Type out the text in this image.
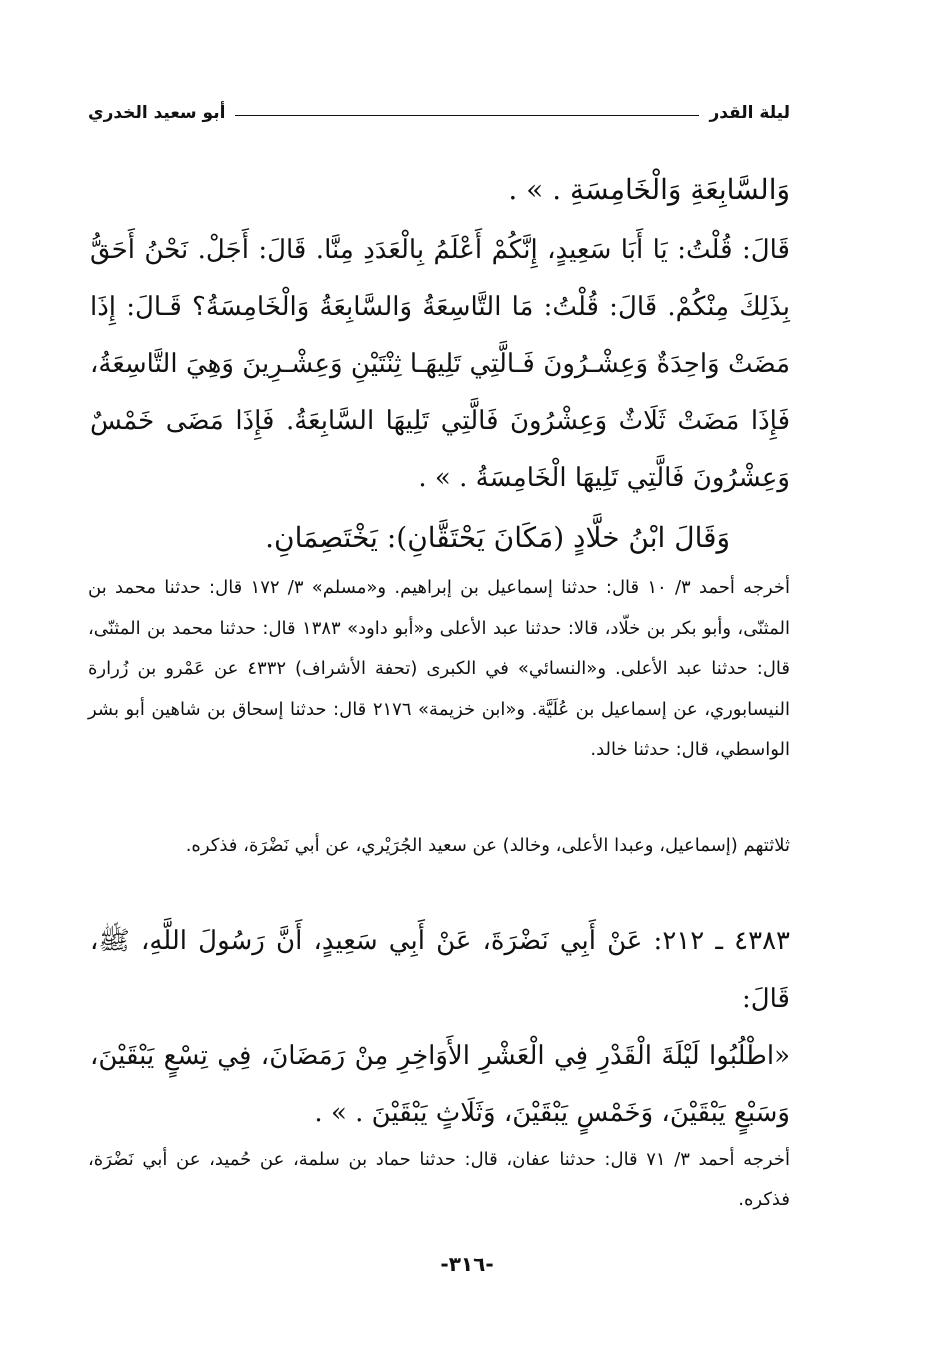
ليلة القدر
أبو سعيد الخدري

وَالسَّابِعَةِ وَالْخَامِسَةِ . » .

قَالَ: قُلْتُ: يَا أَبَا سَعِيدٍ، إِنَّكُمْ أَعْلَمُ بِالْعَدَدِ مِنَّا. قَالَ: أَجَلْ. نَحْنُ أَحَقُّ بِذَلِكَ مِنْكُمْ. قَالَ: قُلْتُ: مَا التَّاسِعَةُ وَالسَّابِعَةُ وَالْخَامِسَةُ؟ قَـالَ: إِذَا مَضَتْ وَاحِدَةٌ وَعِشْـرُونَ فَـالَّتِي تَلِيهَـا ثِنْتَيْنِ وَعِشْـرِينَ وَهِيَ التَّاسِعَةُ، فَإِذَا مَضَتْ ثَلَاثٌ وَعِشْرُونَ فَالَّتِي تَلِيهَا السَّابِعَةُ. فَإِذَا مَضَى خَمْسٌ وَعِشْرُونَ فَالَّتِي تَلِيهَا الْخَامِسَةُ . » .

وَقَالَ ابْنُ خلَّادٍ (مَكَانَ يَحْتَقَّانِ): يَخْتَصِمَانِ.

أخرجه أحمد ٣/ ١٠ قال: حدثنا إسماعيل بن إبراهيم. و«مسلم» ٣/ ١٧٢ قال: حدثنا محمد بن المثنّى، وأبو بكر بن خلّاد، قالا: حدثنا عبد الأعلى و«أبو داود» ١٣٨٣ قال: حدثنا محمد بن المثنّى، قال: حدثنا عبد الأعلى. و«النسائي» في الكبرى (تحفة الأشراف) ٤٣٣٢ عن عَمْرو بن زُرارة النيسابوري، عن إسماعيل بن عُلَيَّة. و«ابن خزيمة» ٢١٧٦ قال: حدثنا إسحاق بن شاهين أبو بشر الواسطي، قال: حدثنا خالد.

ثلاثتهم (إسماعيل، وعبدا الأعلى، وخالد) عن سعيد الجُرَيْري، عن أبي نَضْرَة، فذكره.

٤٣٨٣ ـ ٢١٢: عَنْ أَبِي نَضْرَةَ، عَنْ أَبِي سَعِيدٍ، أَنَّ رَسُولَ اللَّهِ، ﷺ، قَالَ:

«اطْلُبُوا لَيْلَةَ الْقَدْرِ فِي الْعَشْرِ الأَوَاخِرِ مِنْ رَمَضَانَ، فِي تِسْعٍ يَبْقَيْنَ، وَسَبْعٍ يَبْقَيْنَ، وَخَمْسٍ يَبْقَيْنَ، وَثَلَاثٍ يَبْقَيْنَ . » .

أخرجه أحمد ٣/ ٧١ قال: حدثنا عفان، قال: حدثنا حماد بن سلمة، عن حُميد، عن أبي نَضْرَة، فذكره.

-٣١٦-
